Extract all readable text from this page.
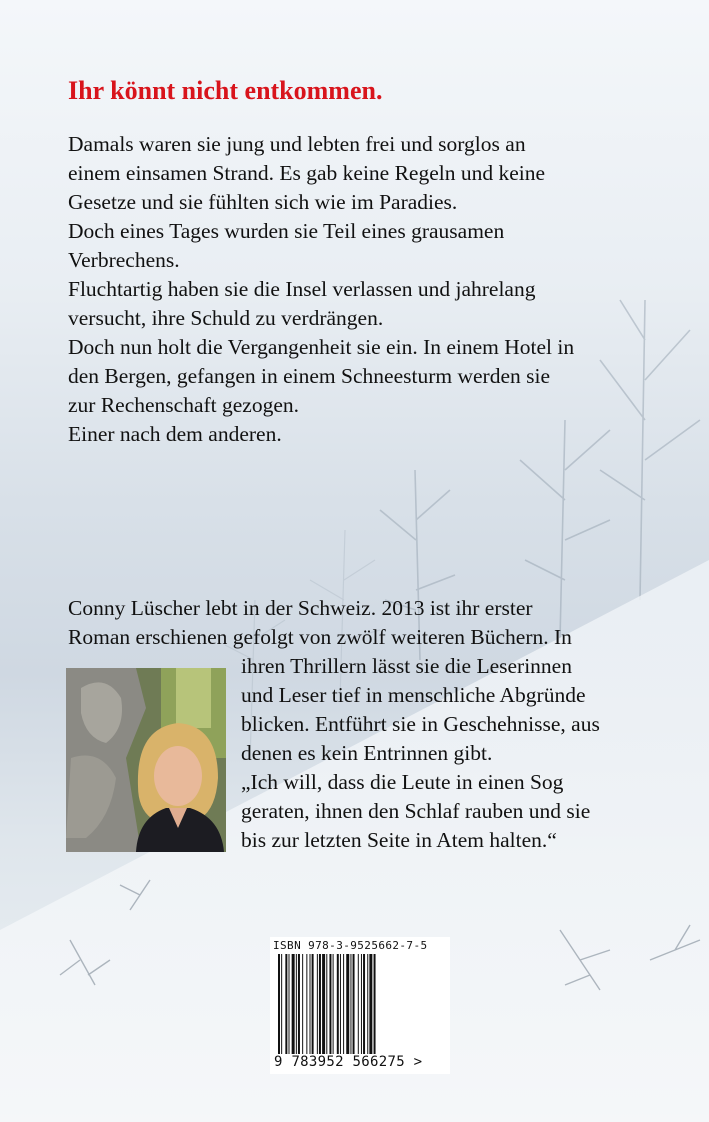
Ihr könnt nicht entkommen.
Damals waren sie jung und lebten frei und sorglos an
einem einsamen Strand. Es gab keine Regeln und keine
Gesetze und sie fühlten sich wie im Paradies.
Doch eines Tages wurden sie Teil eines grausamen
Verbrechens.
Fluchtartig haben sie die Insel verlassen und jahrelang
versucht, ihre Schuld zu verdrängen.
Doch nun holt die Vergangenheit sie ein. In einem Hotel in
den Bergen, gefangen in einem Schneesturm werden sie
zur Rechenschaft gezogen.
Einer nach dem anderen.
Conny Lüscher lebt in der Schweiz. 2013 ist ihr erster
Roman erschienen gefolgt von zwölf weiteren Büchern. In
ihren Thrillern lässt sie die Leserinnen
und Leser tief in menschliche Abgründe
blicken. Entführt sie in Geschehnisse, aus
denen es kein Entrinnen gibt.
„Ich will, dass die Leute in einen Sog
geraten, ihnen den Schlaf rauben und sie
bis zur letzten Seite in Atem halten.“
ISBN 978-3-9525662-7-5
9 783952 566275 >
